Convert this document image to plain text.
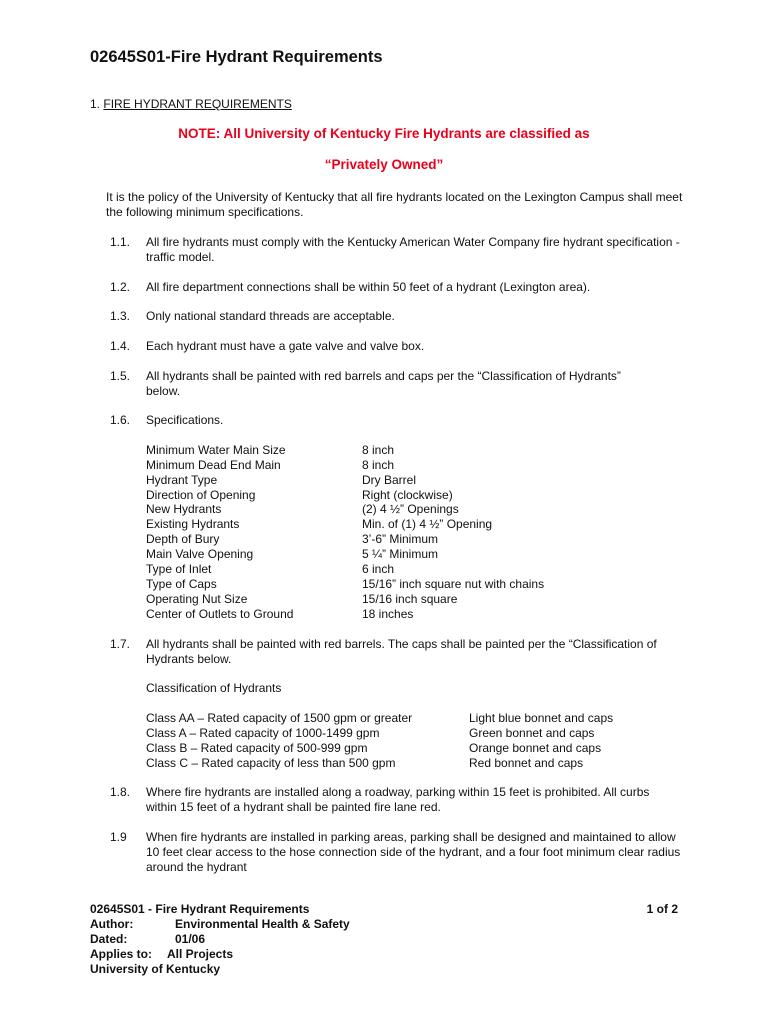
02645S01-Fire Hydrant Requirements
1. FIRE HYDRANT REQUIREMENTS
NOTE: All University of Kentucky Fire Hydrants are classified as
“Privately Owned”
It is the policy of the University of Kentucky that all fire hydrants located on the Lexington Campus shall meet the following minimum specifications.
1.1. All fire hydrants must comply with the Kentucky American Water Company fire hydrant specification - traffic model.
1.2. All fire department connections shall be within 50 feet of a hydrant (Lexington area).
1.3. Only national standard threads are acceptable.
1.4. Each hydrant must have a gate valve and valve box.
1.5. All hydrants shall be painted with red barrels and caps per the “Classification of Hydrants” below.
1.6. Specifications.
Minimum Water Main Size	8 inch
Minimum Dead End Main	8 inch
Hydrant Type	Dry Barrel
Direction of Opening	Right (clockwise)
New Hydrants	(2) 4 ½” Openings
Existing Hydrants	Min. of (1) 4 ½” Opening
Depth of Bury	3’-6” Minimum
Main Valve Opening	5 ¼” Minimum
Type of Inlet	6 inch
Type of Caps	15/16” inch square nut with chains
Operating Nut Size	15/16 inch square
Center of Outlets to Ground	18 inches
1.7. All hydrants shall be painted with red barrels. The caps shall be painted per the “Classification of Hydrants below.
Classification of Hydrants
Class AA – Rated capacity of 1500 gpm or greater	Light blue bonnet and caps
Class A – Rated capacity of 1000-1499 gpm	Green bonnet and caps
Class B – Rated capacity of 500-999 gpm	Orange bonnet and caps
Class C – Rated capacity of less than 500 gpm	Red bonnet and caps
1.8. Where fire hydrants are installed along a roadway, parking within 15 feet is prohibited. All curbs within 15 feet of a hydrant shall be painted fire lane red.
1.9 When fire hydrants are installed in parking areas, parking shall be designed and maintained to allow 10 feet clear access to the hose connection side of the hydrant, and a four foot minimum clear radius around the hydrant
02645S01 - Fire Hydrant Requirements
Author:	Environmental Health & Safety
Dated:	01/06
Applies to:	All Projects
University of Kentucky
1 of 2
